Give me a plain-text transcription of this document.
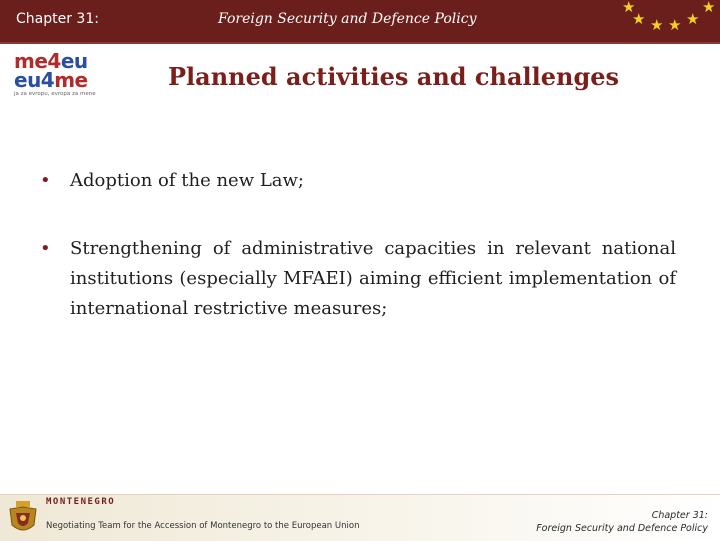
Chapter 31:	Foreign Security and Defence Policy
★
★ ★ ★ ★
★
me4eu
eu4me
ja za evropu, evropa za mene
Planned activities and challenges
• Adoption of the new Law;
• Strengthening of administrative capacities in relevant national institutions (especially MFAEI) aiming efficient implementation of international restrictive measures;
MONTENEGRO
Negotiating Team for the Accession of Montenegro to the European Union
Chapter 31:
Foreign Security and Defence Policy
